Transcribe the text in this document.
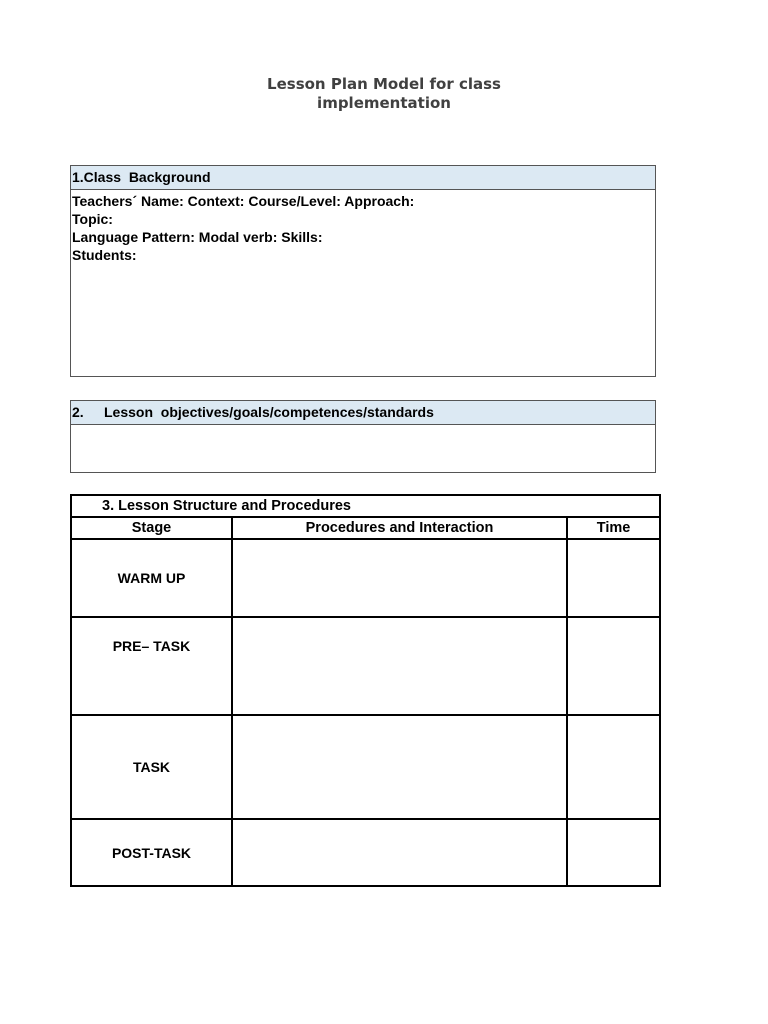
Lesson Plan Model for class
implementation
1.Class  Background
Teachers´ Name: Context: Course/Level: Approach:
Topic:
Language Pattern: Modal verb: Skills:
Students:
2. Lesson  objectives/goals/competences/standards
3. Lesson Structure and Procedures		
Stage	Procedures and Interaction	Time
WARM UP		
PRE– TASK		
TASK		
POST-TASK		
